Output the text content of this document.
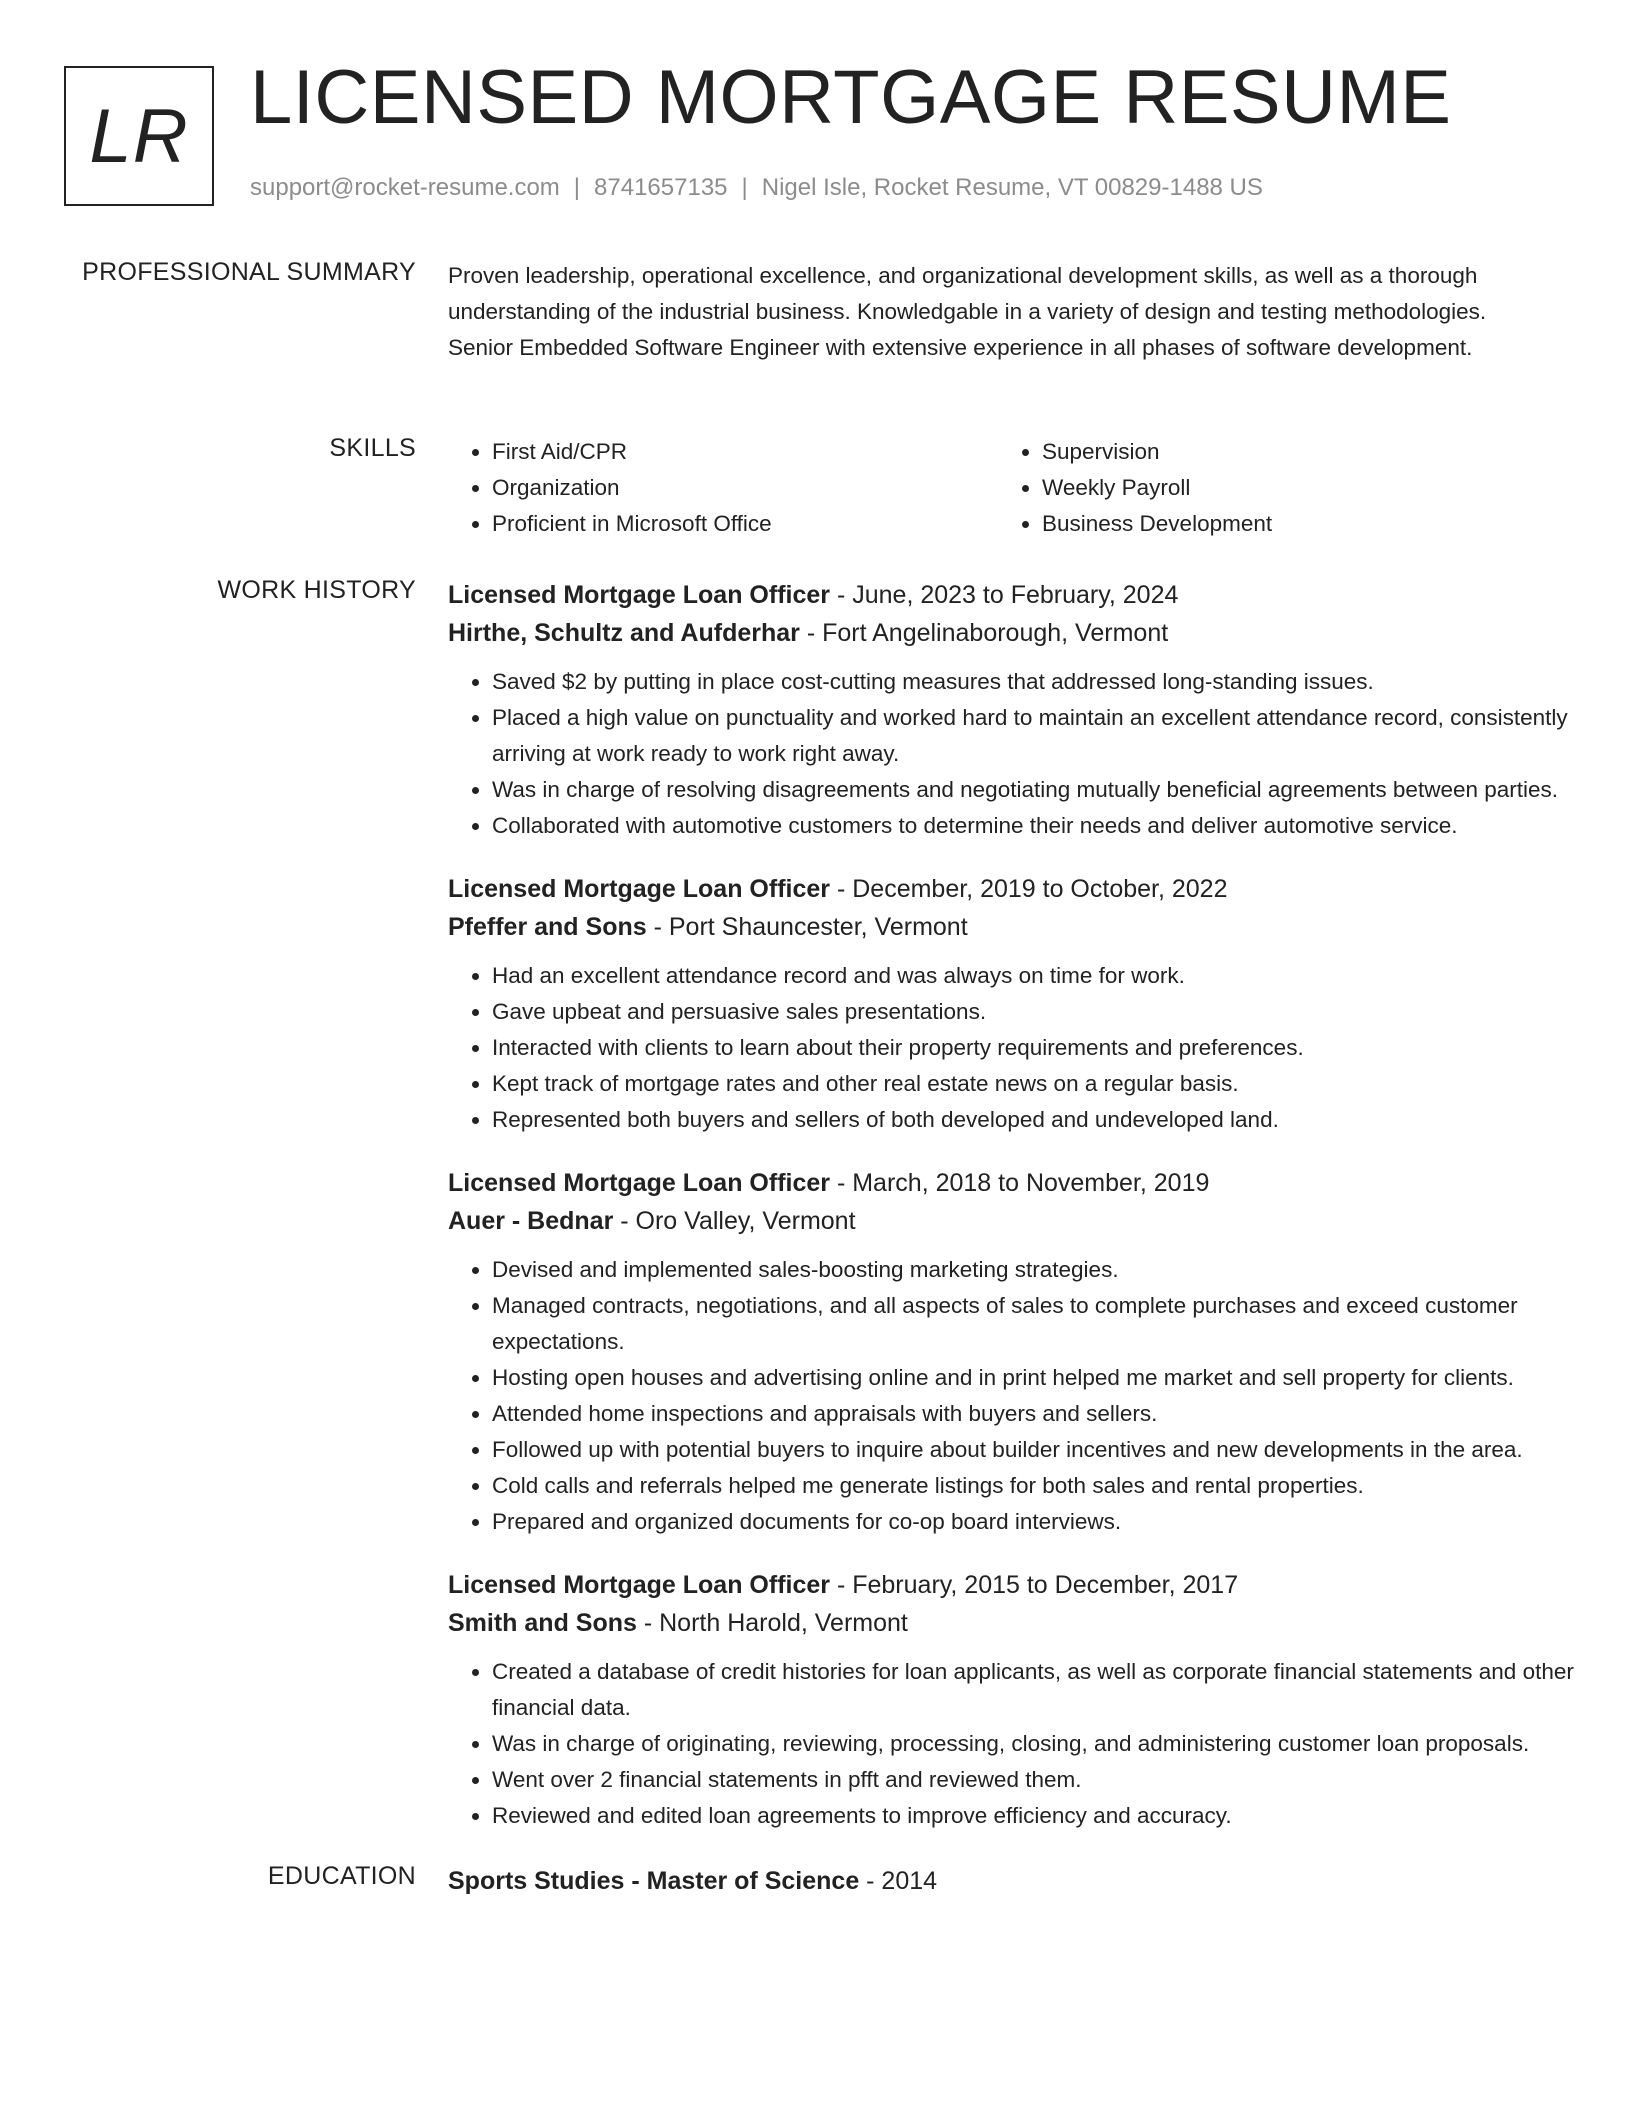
LR LICENSED MORTGAGE RESUME
support@rocket-resume.com | 8741657135 | Nigel Isle, Rocket Resume, VT 00829-1488 US
PROFESSIONAL SUMMARY Proven leadership, operational excellence, and organizational development skills, as well as a thorough understanding of the industrial business. Knowledgable in a variety of design and testing methodologies. Senior Embedded Software Engineer with extensive experience in all phases of software development.

SKILLS
•	First Aid/CPR
• Organization
• Proficient in Microsoft Office
• Supervision
• Weekly Payroll
• Business Development
WORK HISTORY Licensed Mortgage Loan Officer - June, 2023 to February, 2024
Hirthe, Schultz and Aufderhar - Fort Angelinaborough, Vermont
• Saved $2 by putting in place cost-cutting measures that addressed long-standing issues.
• Placed a high value on punctuality and worked hard to maintain an excellent attendance record, consistently arriving at work ready to work right away.
• Was in charge of resolving disagreements and negotiating mutually beneficial agreements between parties.
• Collaborated with automotive customers to determine their needs and deliver automotive service.
Licensed Mortgage Loan Officer - December, 2019 to October, 2022
Pfeffer and Sons - Port Shauncester, Vermont
• Had an excellent attendance record and was always on time for work.
• Gave upbeat and persuasive sales presentations.
• Interacted with clients to learn about their property requirements and preferences.
• Kept track of mortgage rates and other real estate news on a regular basis.
• Represented both buyers and sellers of both developed and undeveloped land.
Licensed Mortgage Loan Officer - March, 2018 to November, 2019
Auer - Bednar - Oro Valley, Vermont
• Devised and implemented sales-boosting marketing strategies.
• Managed contracts, negotiations, and all aspects of sales to complete purchases and exceed customer expectations.
• Hosting open houses and advertising online and in print helped me market and sell property for clients.
• Attended home inspections and appraisals with buyers and sellers.
• Followed up with potential buyers to inquire about builder incentives and new developments in the area.
• Cold calls and referrals helped me generate listings for both sales and rental properties.
• Prepared and organized documents for co-op board interviews.
Licensed Mortgage Loan Officer - February, 2015 to December, 2017
Smith and Sons - North Harold, Vermont
• Created a database of credit histories for loan applicants, as well as corporate financial statements and other financial data.
• Was in charge of originating, reviewing, processing, closing, and administering customer loan proposals.
• Went over 2 financial statements in pfft and reviewed them.
• Reviewed and edited loan agreements to improve efficiency and accuracy.
EDUCATION Sports Studies - Master of Science - 2014
